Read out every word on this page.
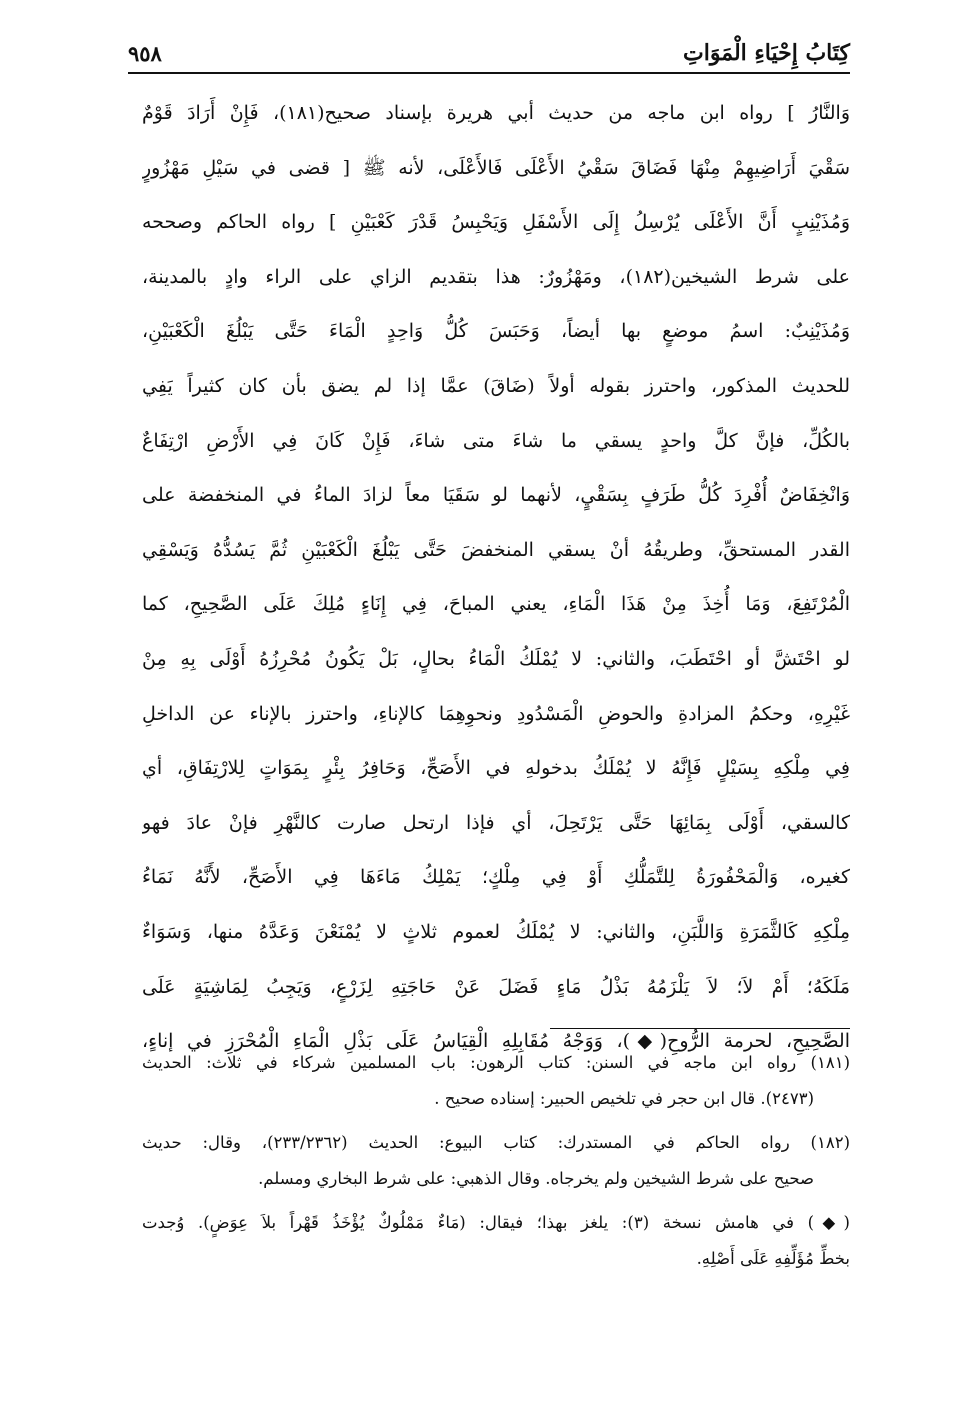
كِتَابُ إِحْيَاءِ الْمَوَاتِ
٩٥٨
وَالنَّارُ ] رواه ابن ماجه من حديث أبي هريرة بإسناد صحيح(١٨١)، فَإِنْ أَرَادَ قَوْمٌ
سَقْيَ أَرَاضِيهِمْ مِنْهَا فَضَاقَ سَقْيُ الأَعْلَى فَالأَعْلَى، لأنه ﷺ [ قضى في سَيْلِ مَهْزُورٍ
وَمُذَيْنِبٍ أَنَّ الأَعْلَى يُرْسِلُ إِلَى الأَسْفَلِ وَيَحْبِسُ قَدْرَ كَعْبَيْنِ ] رواه الحاكم وصححه
على شرط الشيخين(١٨٢)، ومَهْزُورٌ: هذا بتقديم الزاي على الراء وادٍ بالمدينة،
وَمُذَيْنِبٌ: اسمُ موضعٍ بها أيضاً، وَحَبَسَ كُلُّ وَاحِدٍ الْمَاءَ حَتَّى يَبْلُغَ الْكَعْبَيْنِ،
للحديث المذكور، واحترز بقوله أولاً (ضَاقَ) عمَّا إذا لم يضق بأن كان كثيراً يَفِي
بالكُلِّ، فإنَّ كلَّ واحدٍ يسقي ما شاءَ متى شاءَ، فَإِنْ كَانَ فِي الأَرْضِ ارْتِفَاعٌ
وَانْخِفَاضٌ أُفْرِدَ كُلُّ طَرَفٍ بِسَقْيٍ، لأنهما لو سَقَيَا معاً لزادَ الماءُ في المنخفضة على
القدر المستحقِّ، وطريقُهُ أنْ يسقي المنخفضَ حَتَّى يَبْلُغَ الْكَعْبَيْنِ ثُمَّ يَسُدُّهُ وَيَسْقِي
الْمُرْتَفِعَ، وَمَا أُخِذَ مِنْ هَذَا الْمَاءِ، يعني المباحَ، فِي إِنَاءٍ مُلِكَ عَلَى الصَّحِيحِ، كما
لو احْتَشَّ أو احْتَطَبَ، والثاني: لا يُمْلَكُ الْمَاءُ بحالٍ، بَلْ يَكُونُ مُحْرِزُهُ أَوْلَى بِهِ مِنْ
غَيْرِهِ، وحكمُ المزادةِ والحوضِ الْمَسْدُودِ ونحوِهِمَا كالإناءِ، واحترز بالإناء عن الداخلِ
فِي مِلْكِهِ بِسَيْلٍ فَإِنَّهُ لا يُمْلَكُ بدخولهِ في الأَصَحِّ، وَحَافِرُ بِئْرٍ بِمَوَاتٍ لِلارْتِفَاقِ، أي
كالسقي، أَوْلَى بِمَائِهَا حَتَّى يَرْتَحِلَ، أي فإذا ارتحل صارت كالنَّهْرِ فإنْ عادَ فهو
كغيره، وَالْمَحْفُورَةُ لِلتَّمَلُّكِ أَوْ فِي مِلْكٍ؛ يَمْلِكُ مَاءَهَا فِي الأَصَحِّ، لأَنَّهُ نَمَاءُ
مِلْكِهِ كَالثَّمَرَةِ وَاللَّبَنِ، والثاني: لا يُمْلَكُ لعموم ثلاثٍ لا يُمْنَعْنَ وَعَدَّهُ منها، وَسَوَاءٌ
مَلَكَهُ؛ أَمْ لاَ؛ لاَ يَلْزَمُهُ بَذْلُ مَاءٍ فَضَلَ عَنْ حَاجَتِهِ لِزَرْعٍ، وَيَجِبُ لِمَاشِيَةٍ عَلَى
الصَّحِيحِ، لحرمة الرُّوحِ(◆)، وَوَجْهُ مُقَابِلِهِ الْقِيَاسُ عَلَى بَذْلِ الْمَاءِ الْمُحْرَزِ في إناءٍ،
(١٨١) رواه ابن ماجه في السنن: كتاب الرهون: باب المسلمين شركاء في ثلاث: الحديث
(٢٤٧٣). قال ابن حجر في تلخيص الحبير: إسناده صحيح .
(١٨٢) رواه الحاكم في المستدرك: كتاب البيوع: الحديث (٢٣٣/٢٣٦٢)، وقال: حديث
صحيح على شرط الشيخين ولم يخرجاه. وقال الذهبي: على شرط البخاري ومسلم.
(◆) في هامش نسخة (٣): يلغز بهذا؛ فيقال: (مَاءٌ مَمْلُوكٌ يُؤْخَذُ قَهْراً بلاَ عِوَضٍ). وُجدت
بخطِّ مُؤَلِّفِهِ عَلَى أَصْلِهِ.
